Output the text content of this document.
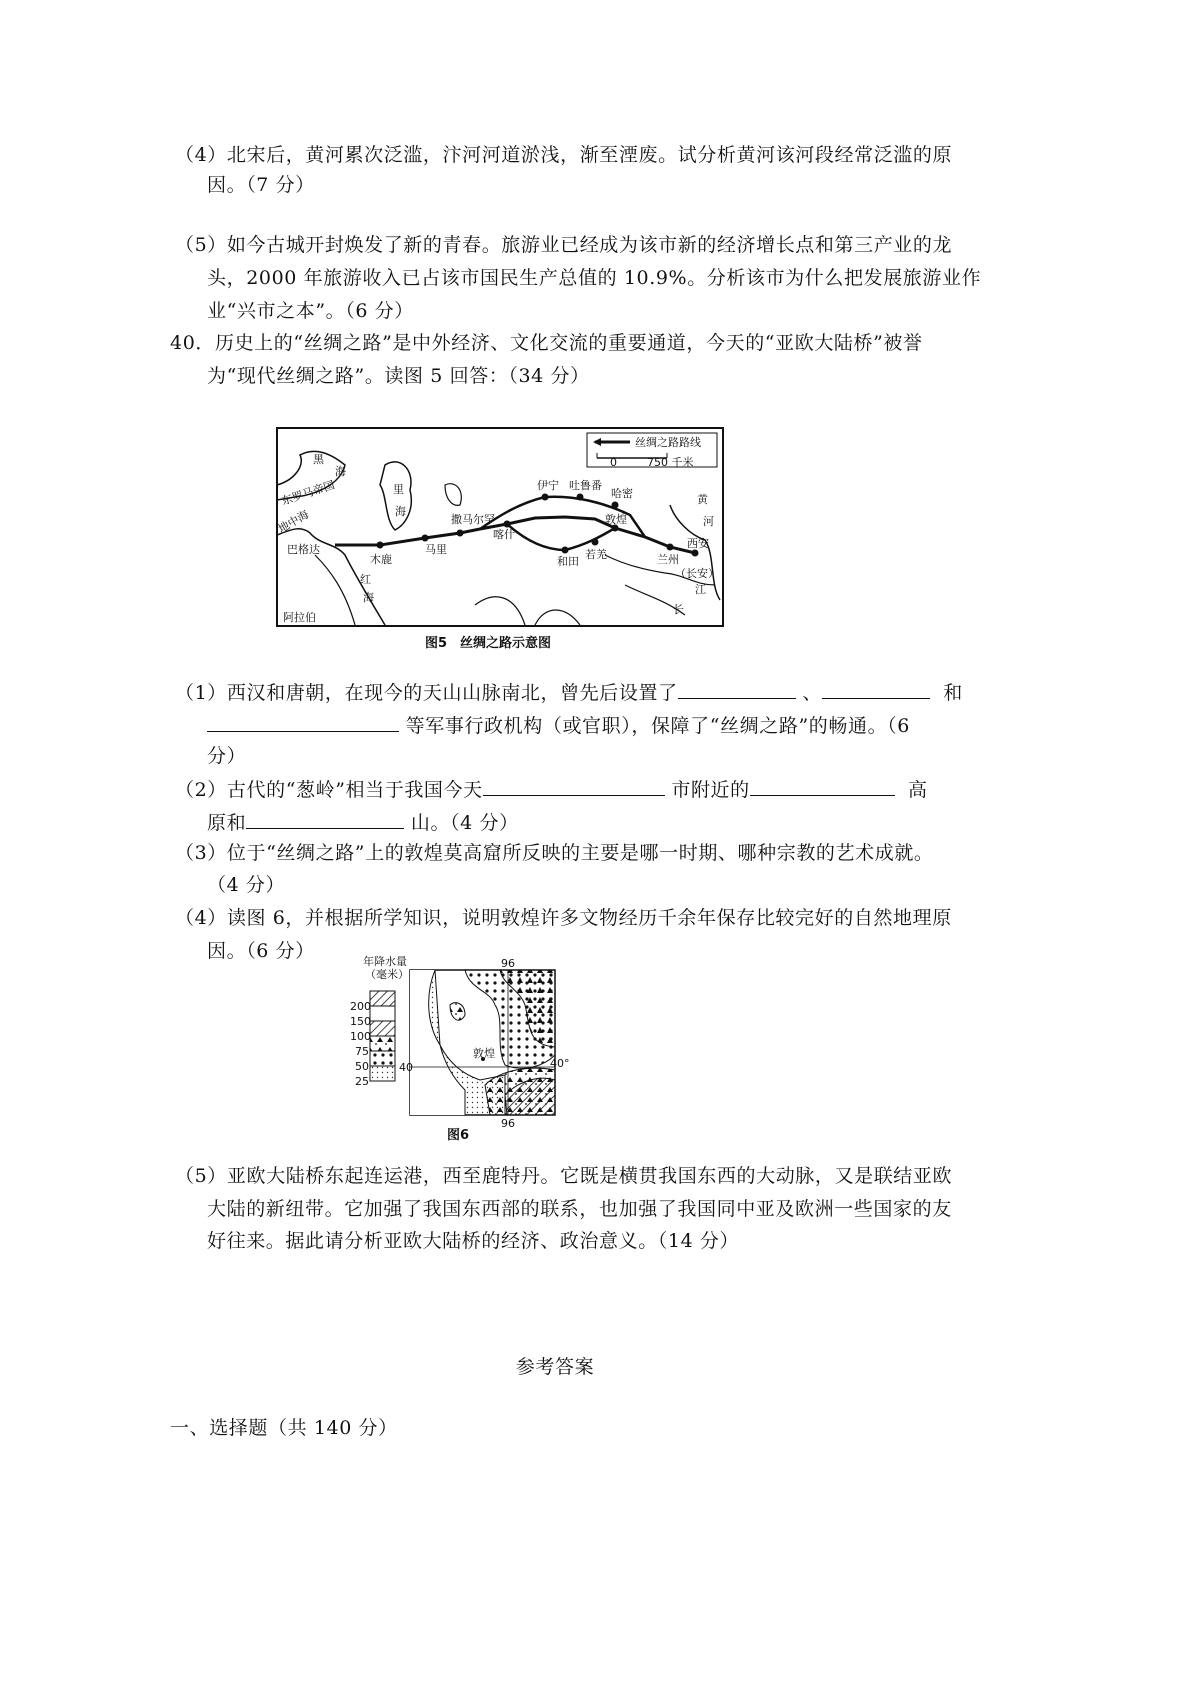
（4）北宋后，黄河累次泛滥，汴河河道淤浅，渐至湮废。试分析黄河该河段经常泛滥的原
因。（7 分）
（5）如今古城开封焕发了新的青春。旅游业已经成为该市新的经济增长点和第三产业的龙
头，2000 年旅游收入已占该市国民生产总值的 10.9%。分析该市为什么把发展旅游业作
业“兴市之本”。（6 分）
40．历史上的“丝绸之路”是中外经济、文化交流的重要通道，今天的“亚欧大陆桥”被誉
为“现代丝绸之路”。读图 5 回答：（34 分）
丝绸之路路线
0	750 千米
黑
海
里
海
东罗马帝国
地中海
巴格达
撒马尔罕
伊宁 吐鲁番
哈密
喀什
敦煌
若羌
和田
木鹿
马里
兰州
西安
（长安）
黄
河
江
长
红
海
阿拉伯
图5　丝绸之路示意图
（1）西汉和唐朝，在现今的天山山脉南北，曾先后设置了	、	和
等军事行政机构（或官职），保障了“丝绸之路”的畅通。（6
分）
（2）古代的“葱岭”相当于我国今天	市附近的	高
原和	山。（4 分）
（3）位于“丝绸之路”上的敦煌莫高窟所反映的主要是哪一时期、哪种宗教的艺术成就。
（4 分）
（4）读图 6，并根据所学知识，说明敦煌许多文物经历千余年保存比较完好的自然地理原
因。（6 分）	年降水量
（毫米）
200
150
100
75
50
25
40	40°
96
96
敦煌
图6
（5）亚欧大陆桥东起连运港，西至鹿特丹。它既是横贯我国东西的大动脉，又是联结亚欧
大陆的新纽带。它加强了我国东西部的联系，也加强了我国同中亚及欧洲一些国家的友
好往来。据此请分析亚欧大陆桥的经济、政治意义。（14 分）
参考答案
一、选择题（共 140 分）
